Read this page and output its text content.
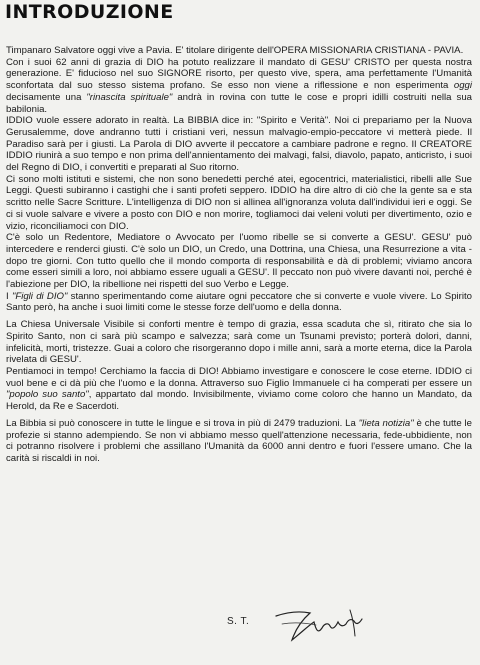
INTRODUZIONE

Timpanaro Salvatore oggi vive a Pavia. E' titolare dirigente dell'OPERA MISSIONARIA CRISTIANA - PAVIA.

Con i suoi 62 anni di grazia di DIO ha potuto realizzare il mandato di GESU' CRISTO per questa nostra generazione. E' fiducioso nel suo SIGNORE risorto, per questo vive, spera, ama perfettamente l'Umanità sconfortata dal suo stesso sistema profano. Se esso non viene a riflessione e non esperimenta oggi decisamente una "rinascita spirituale" andrà in rovina con tutte le cose e propri idilli costruiti nella sua babilonia.

IDDIO vuole essere adorato in realtà. La BIBBIA dice in: "Spirito e Verità". Noi ci prepariamo per la Nuova Gerusalemme, dove andranno tutti i cristiani veri, nessun malvagio-empio-peccatore vi metterà piede. Il Paradiso sarà per i giusti. La Parola di DIO avverte il peccatore a cambiare padrone e regno. Il CREATORE IDDIO riunirà a suo tempo e non prima dell'annientamento dei malvagi, falsi, diavolo, papato, anticristo, i suoi del Regno di DIO, i convertiti e preparati al Suo ritorno.

Ci sono molti istituti e sistemi, che non sono benedetti perché atei, egocentrici, materialistici, ribelli alle Sue Leggi. Questi subiranno i castighi che i santi profeti seppero. IDDIO ha dire altro di ciò che la gente sa e sta scritto nelle Sacre Scritture. L'intelligenza di DIO non si allinea all'ignoranza voluta dall'individui ieri e oggi. Se ci si vuole salvare e vivere a posto con DIO e non morire, togliamoci dai veleni voluti per divertimento, ozio e vizio, riconciliamoci con DIO.

C'è solo un Redentore, Mediatore o Avvocato per l'uomo ribelle se si converte a GESU'. GESU' può intercedere e renderci giusti. C'è solo un DIO, un Credo, una Dottrina, una Chiesa, una Resurrezione a vita - dopo tre giorni. Con tutto quello che il mondo comporta di responsabilità e dà di problemi; viviamo ancora come esseri simili a loro, noi abbiamo essere uguali a GESU'. Il peccato non può vivere davanti noi, perché è l'abiezione per DIO, la ribellione nei rispetti del suo Verbo e Legge.

I "Figli di DIO" stanno sperimentando come aiutare ogni peccatore che si converte e vuole vivere. Lo Spirito Santo però, ha anche i suoi limiti come le stesse forze dell'uomo e della donna.

La Chiesa Universale Visibile si conforti mentre è tempo di grazia, essa scaduta che sì, ritirato che sia lo Spirito Santo, non ci sarà più scampo e salvezza; sarà come un Tsunami previsto; porterà dolori, danni, infelicità, morti, tristezze. Guai a coloro che risorgeranno dopo i mille anni, sarà a morte eterna, dice la Parola rivelata di GESU'.

Pentiamoci in tempo! Cerchiamo la faccia di DIO! Abbiamo investigare e conoscere le cose eterne. IDDIO ci vuol bene e ci dà più che l'uomo e la donna. Attraverso suo Figlio Immanuele ci ha comperati per essere un "popolo suo santo", appartato dal mondo. Invisibilmente, viviamo come coloro che hanno un Mandato, da Herold, da Re e Sacerdoti.

La Bibbia si può conoscere in tutte le lingue e si trova in più di 2479 traduzioni. La "lieta notizia" è che tutte le profezie si stanno adempiendo. Se non vi abbiamo messo quell'attenzione necessaria, fede-ubbidiente, non ci potranno risolvere i problemi che assillano l'Umanità da 6000 anni dentro e fuori l'essere umano. Che la carità si riscaldi in noi.

S. T.
